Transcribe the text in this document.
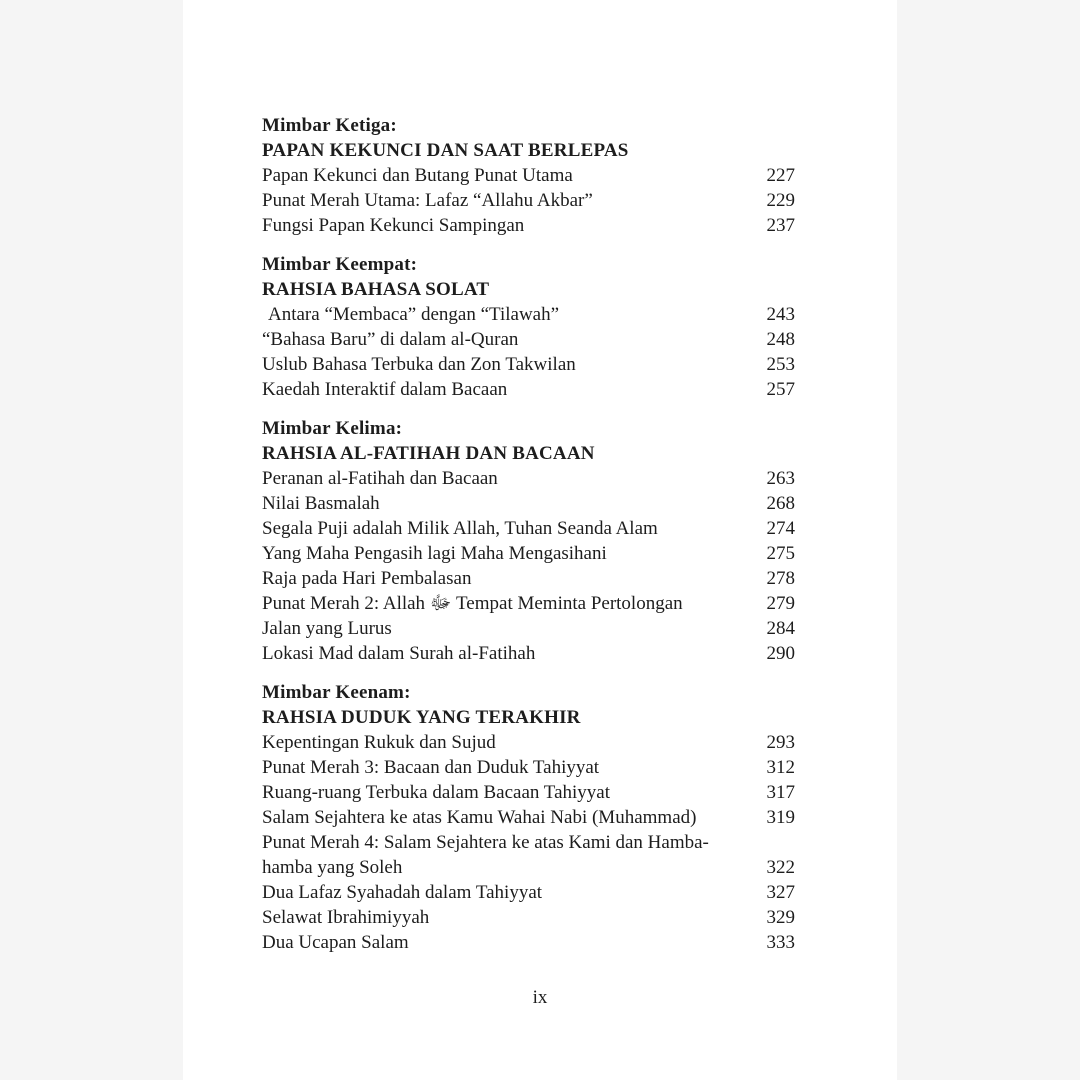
Mimbar Ketiga:
PAPAN KEKUNCI DAN SAAT BERLEPAS
Papan Kekunci dan Butang Punat Utama	227
Punat Merah Utama: Lafaz “Allahu Akbar”	229
Fungsi Papan Kekunci Sampingan	237
Mimbar Keempat:
RAHSIA BAHASA SOLAT
Antara “Membaca” dengan “Tilawah”	243
“Bahasa Baru” di dalam al-Quran	248
Uslub Bahasa Terbuka dan Zon Takwilan	253
Kaedah Interaktif dalam Bacaan	257
Mimbar Kelima:
RAHSIA AL-FATIHAH DAN BACAAN
Peranan al-Fatihah dan Bacaan	263
Nilai Basmalah	268
Segala Puji adalah Milik Allah, Tuhan Seanda Alam	274
Yang Maha Pengasih lagi Maha Mengasihani	275
Raja pada Hari Pembalasan	278
Punat Merah 2: Allah ﷻ Tempat Meminta Pertolongan	279
Jalan yang Lurus	284
Lokasi Mad dalam Surah al-Fatihah	290
Mimbar Keenam:
RAHSIA DUDUK YANG TERAKHIR
Kepentingan Rukuk dan Sujud	293
Punat Merah 3: Bacaan dan Duduk Tahiyyat	312
Ruang-ruang Terbuka dalam Bacaan Tahiyyat	317
Salam Sejahtera ke atas Kamu Wahai Nabi (Muhammad)	319
Punat Merah 4: Salam Sejahtera ke atas Kami dan Hamba-hamba yang Soleh	322
Dua Lafaz Syahadah dalam Tahiyyat	327
Selawat Ibrahimiyyah	329
Dua Ucapan Salam	333
ix
